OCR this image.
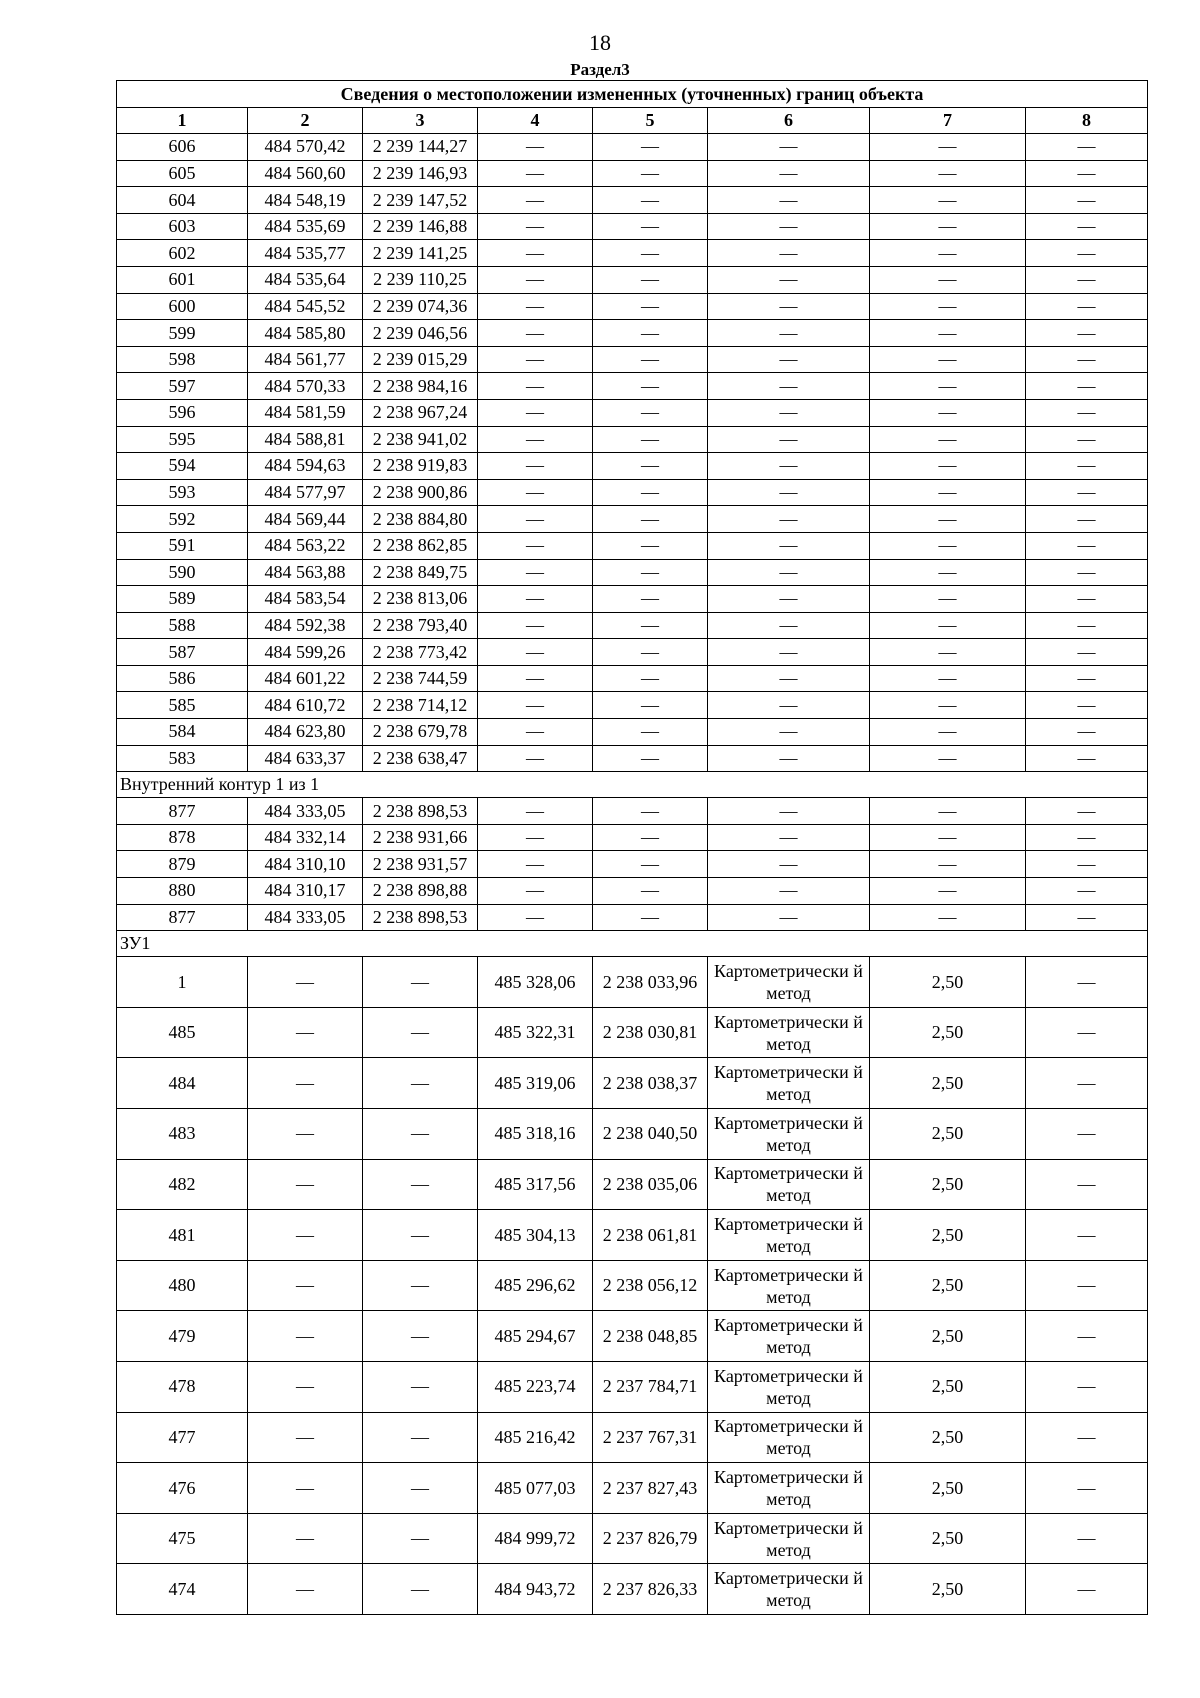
18
Раздел3
Сведения о местоположении измененных (уточненных) границ объекта							
1	2	3	4	5	6	7	8
606	484 570,42	2 239 144,27	—	—	—	—	—
605	484 560,60	2 239 146,93	—	—	—	—	—
604	484 548,19	2 239 147,52	—	—	—	—	—
603	484 535,69	2 239 146,88	—	—	—	—	—
602	484 535,77	2 239 141,25	—	—	—	—	—
601	484 535,64	2 239 110,25	—	—	—	—	—
600	484 545,52	2 239 074,36	—	—	—	—	—
599	484 585,80	2 239 046,56	—	—	—	—	—
598	484 561,77	2 239 015,29	—	—	—	—	—
597	484 570,33	2 238 984,16	—	—	—	—	—
596	484 581,59	2 238 967,24	—	—	—	—	—
595	484 588,81	2 238 941,02	—	—	—	—	—
594	484 594,63	2 238 919,83	—	—	—	—	—
593	484 577,97	2 238 900,86	—	—	—	—	—
592	484 569,44	2 238 884,80	—	—	—	—	—
591	484 563,22	2 238 862,85	—	—	—	—	—
590	484 563,88	2 238 849,75	—	—	—	—	—
589	484 583,54	2 238 813,06	—	—	—	—	—
588	484 592,38	2 238 793,40	—	—	—	—	—
587	484 599,26	2 238 773,42	—	—	—	—	—
586	484 601,22	2 238 744,59	—	—	—	—	—
585	484 610,72	2 238 714,12	—	—	—	—	—
584	484 623,80	2 238 679,78	—	—	—	—	—
583	484 633,37	2 238 638,47	—	—	—	—	—
Внутренний контур 1 из 1							
877	484 333,05	2 238 898,53	—	—	—	—	—
878	484 332,14	2 238 931,66	—	—	—	—	—
879	484 310,10	2 238 931,57	—	—	—	—	—
880	484 310,17	2 238 898,88	—	—	—	—	—
877	484 333,05	2 238 898,53	—	—	—	—	—
ЗУ1							
1	—	—	485 328,06	2 238 033,96	Картометрически й метод	2,50	—
485	—	—	485 322,31	2 238 030,81	Картометрически й метод	2,50	—
484	—	—	485 319,06	2 238 038,37	Картометрически й метод	2,50	—
483	—	—	485 318,16	2 238 040,50	Картометрически й метод	2,50	—
482	—	—	485 317,56	2 238 035,06	Картометрически й метод	2,50	—
481	—	—	485 304,13	2 238 061,81	Картометрически й метод	2,50	—
480	—	—	485 296,62	2 238 056,12	Картометрически й метод	2,50	—
479	—	—	485 294,67	2 238 048,85	Картометрически й метод	2,50	—
478	—	—	485 223,74	2 237 784,71	Картометрически й метод	2,50	—
477	—	—	485 216,42	2 237 767,31	Картометрически й метод	2,50	—
476	—	—	485 077,03	2 237 827,43	Картометрически й метод	2,50	—
475	—	—	484 999,72	2 237 826,79	Картометрически й метод	2,50	—
474	—	—	484 943,72	2 237 826,33	Картометрически й метод	2,50	—
